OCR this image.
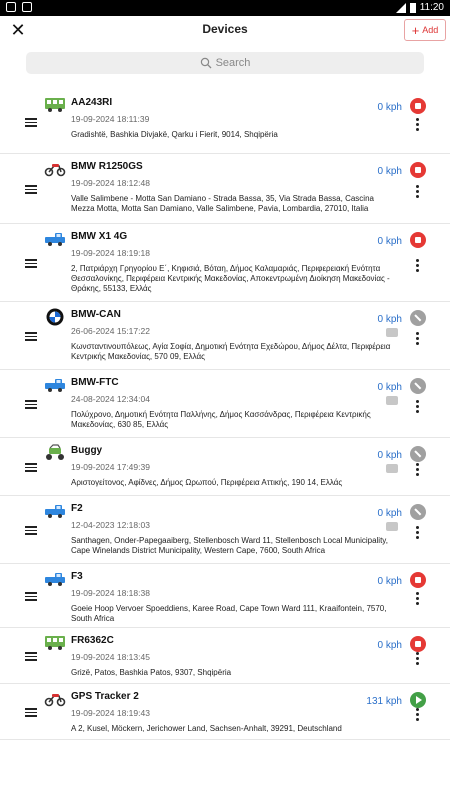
11:20
✕	Devices	+ Add
Search
AA243RI
19-09-2024 18:11:39
Gradishtë, Bashkia Divjakë, Qarku i Fierit, 9014, Shqipëria
0 kph
BMW R1250GS
19-09-2024 18:12:48
Valle Salimbene - Motta San Damiano - Strada Bassa, 35, Via Strada Bassa, Cascina Mezza Motta, Motta San Damiano, Valle Salimbene, Pavia, Lombardia, 27010, Italia
0 kph
BMW X1 4G
19-09-2024 18:19:18
2, Πατριάρχη Γρηγορίου Ε΄, Κηφισιά, Βόταη, Δήμος Καλαμαριάς, Περιφερειακή Ενότητα Θεσσαλονίκης, Περιφέρεια Κεντρικής Μακεδονίας, Αποκεντρωμένη Διοίκηση Μακεδονίας - Θράκης, 55133, Ελλάς
0 kph
BMW-CAN
26-06-2024 15:17:22
Κωνσταντινουπόλεως, Αγία Σοφία, Δημοτική Ενότητα Εχεδώρου, Δήμος Δέλτα, Περιφέρεια Κεντρικής Μακεδονίας, 570 09, Ελλάς
0 kph
BMW-FTC
24-08-2024 12:34:04
Πολύχρονο, Δημοτική Ενότητα Παλλήνης, Δήμος Κασσάνδρας, Περιφέρεια Κεντρικής Μακεδονίας, 630 85, Ελλάς
0 kph
Buggy
19-09-2024 17:49:39
Αριστογείτονος, Αφίδνες, Δήμος Ωρωπού, Περιφέρεια Αττικής, 190 14, Ελλάς
0 kph
F2
12-04-2023 12:18:03
Santhagen, Onder-Papegaaiberg, Stellenbosch Ward 11, Stellenbosch Local Municipality, Cape Winelands District Municipality, Western Cape, 7600, South Africa
0 kph
F3
19-09-2024 18:18:38
Goeie Hoop Vervoer Spoeddiens, Karee Road, Cape Town Ward 111, Kraaifontein, 7570, South Africa
0 kph
FR6362C
19-09-2024 18:13:45
Grizë, Patos, Bashkia Patos, 9307, Shqipëria
0 kph
GPS Tracker 2
19-09-2024 18:19:43
A 2, Kusel, Möckern, Jerichower Land, Sachsen-Anhalt, 39291, Deutschland
131 kph
